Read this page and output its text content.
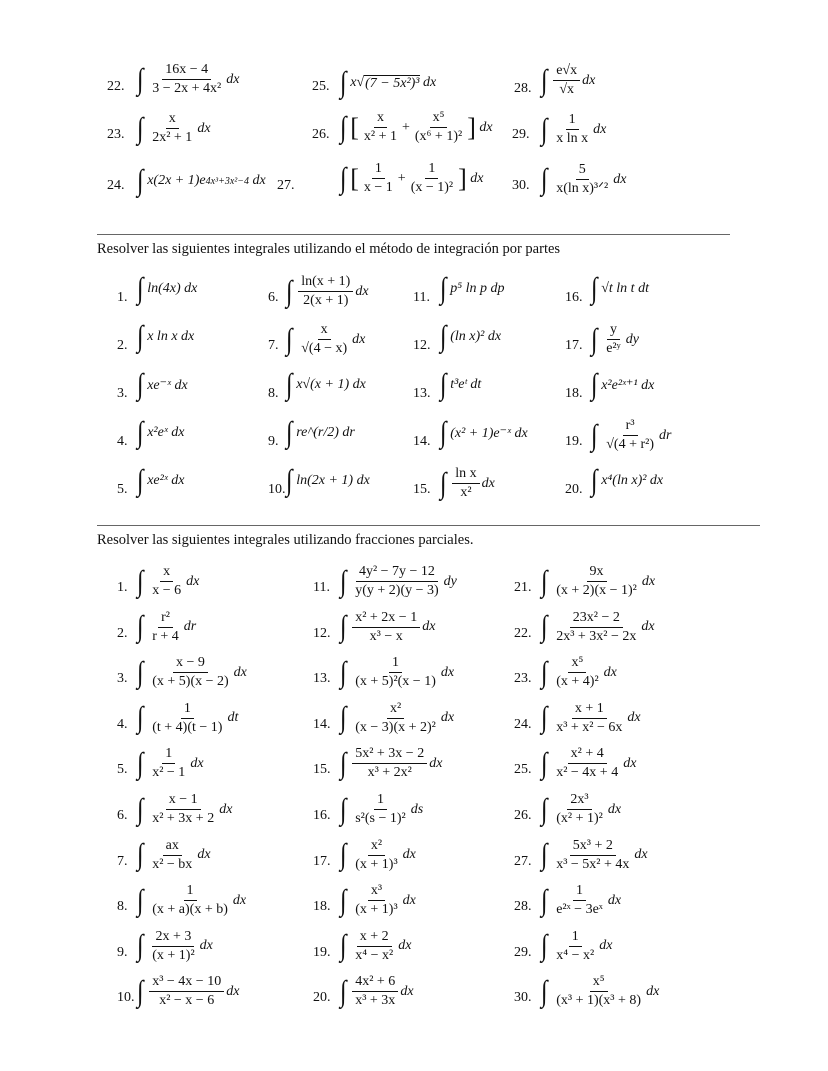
22. ∫ $\frac{16x - 4}{\text{3 − 2x + 4x²}}$ dx
23. ∫ $\frac{x}{\text{2x² + 1}}$ dx
24. ∫ x(2x + 1)e 4x³+3x²−4
dx
25. ∫ x √ (7 − 5x²)³
dx
26. ∫ [ $\frac{x}{\text{x² + 1}} + \frac{\text{x⁵}}{\text{(x⁶ + 1)²}}$ ]
dx
27. ∫ [ $\frac{1}{x - 1} + \frac{1}{\text{(x − 1)²}}$ ]
dx
28. ∫ $\frac{e√x}{√x}$ dx
29. ∫ $\frac{1}{\text{x ln x}}$ dx
30. ∫ $\frac{5}{\text{x(ln x)³ᐟ²}}$ dx
Resolver las siguientes integrales utilizando el método de integración por partes
1. ∫ ln(4x) dx
2. ∫ x ln x dx
3. ∫ xe⁻ˣ dx
4. ∫ x²eˣ dx
5. ∫ xe²ˣ dx
6. ∫ $\frac{\ln(x + 1)}{2(x + 1)}$ dx
7. ∫ $\frac{x}{√(4 - x)}$ dx
8. ∫ x√(x + 1) dx
9. ∫ re^(r/2) dr
10. ∫ ln(2x + 1) dx
11. ∫ p⁵ ln p dp
12. ∫ (ln x)² dx
13. ∫ t³eᵗ dt
14. ∫ (x² + 1)e⁻ˣ dx
15. ∫ $\frac{\text{ln x}}{\text{x²}}$ dx
16. ∫ √t ln t dt
17. ∫ $\frac{y}{\text{e²ʸ}}$ dy
18. ∫ x²e²ˣ⁺¹ dx
19. ∫ $\frac{\text{r³}}{\text{√(4 + r²)}}$ dr
20. ∫ x⁴(ln x)² dx
Resolver las siguientes integrales utilizando fracciones parciales.
1. ∫ $\frac{x}{x - 6}$ dx
2. ∫ $\frac{\text{r²}}{r + 4}$ dr
3. ∫ $\frac{x - 9}{(x + 5)(x - 2)}$ dx
4. ∫ $\frac{1}{(t + 4)(t - 1)}$ dt
5. ∫ $\frac{1}{\text{x² − 1}}$ dx
6. ∫ $\frac{x - 1}{\text{x² + 3x + 2}}$ dx
7. ∫ $\frac{ax}{\text{x² − bx}}$ dx
8. ∫ $\frac{1}{(x + a)(x + b)}$ dx
9. ∫ $\frac{2x + 3}{\text{(x + 1)²}}$ dx
10. ∫ $\frac{\text{x³ − 4x − 10}}{\text{x² − x − 6}}$ dx
11. ∫ $\frac{\text{4y² − 7y − 12}}{y(y + 2)(y - 3)}$ dy
12. ∫ $\frac{\text{x² + 2x − 1}}{\text{x³ − x}}$ dx
13. ∫ $\frac{1}{\text{(x + 5)²(x − 1)}}$ dx
14. ∫ $\frac{\text{x²}}{\text{(x − 3)(x + 2)²}}$ dx
15. ∫ $\frac{\text{5x² + 3x − 2}}{\text{x³ + 2x²}}$ dx
16. ∫ $\frac{1}{\text{s²(s − 1)²}}$ ds
17. ∫ $\frac{\text{x²}}{\text{(x + 1)³}}$ dx
18. ∫ $\frac{\text{x³}}{\text{(x + 1)³}}$ dx
19. ∫ $\frac{x + 2}{\text{x⁴ − x²}}$ dx
20. ∫ $\frac{\text{4x² + 6}}{\text{x³ + 3x}}$ dx
21. ∫ $\frac{9x}{\text{(x + 2)(x − 1)²}}$ dx
22. ∫ $\frac{\text{23x² − 2}}{\text{2x³ + 3x² − 2x}}$ dx
23. ∫ $\frac{\text{x⁵}}{\text{(x + 4)²}}$ dx
24. ∫ $\frac{x + 1}{\text{x³ + x² − 6x}}$ dx
25. ∫ $\frac{\text{x² + 4}}{\text{x² − 4x + 4}}$ dx
26. ∫ $\frac{\text{2x³}}{\text{(x² + 1)²}}$ dx
27. ∫ $\frac{\text{5x³ + 2}}{\text{x³ − 5x² + 4x}}$ dx
28. ∫ $\frac{1}{\text{e²ˣ − 3eˣ}}$ dx
29. ∫ $\frac{1}{\text{x⁴ − x²}}$ dx
30. ∫ $\frac{\text{x⁵}}{\text{(x³ + 1)(x³ + 8)}}$ dx
